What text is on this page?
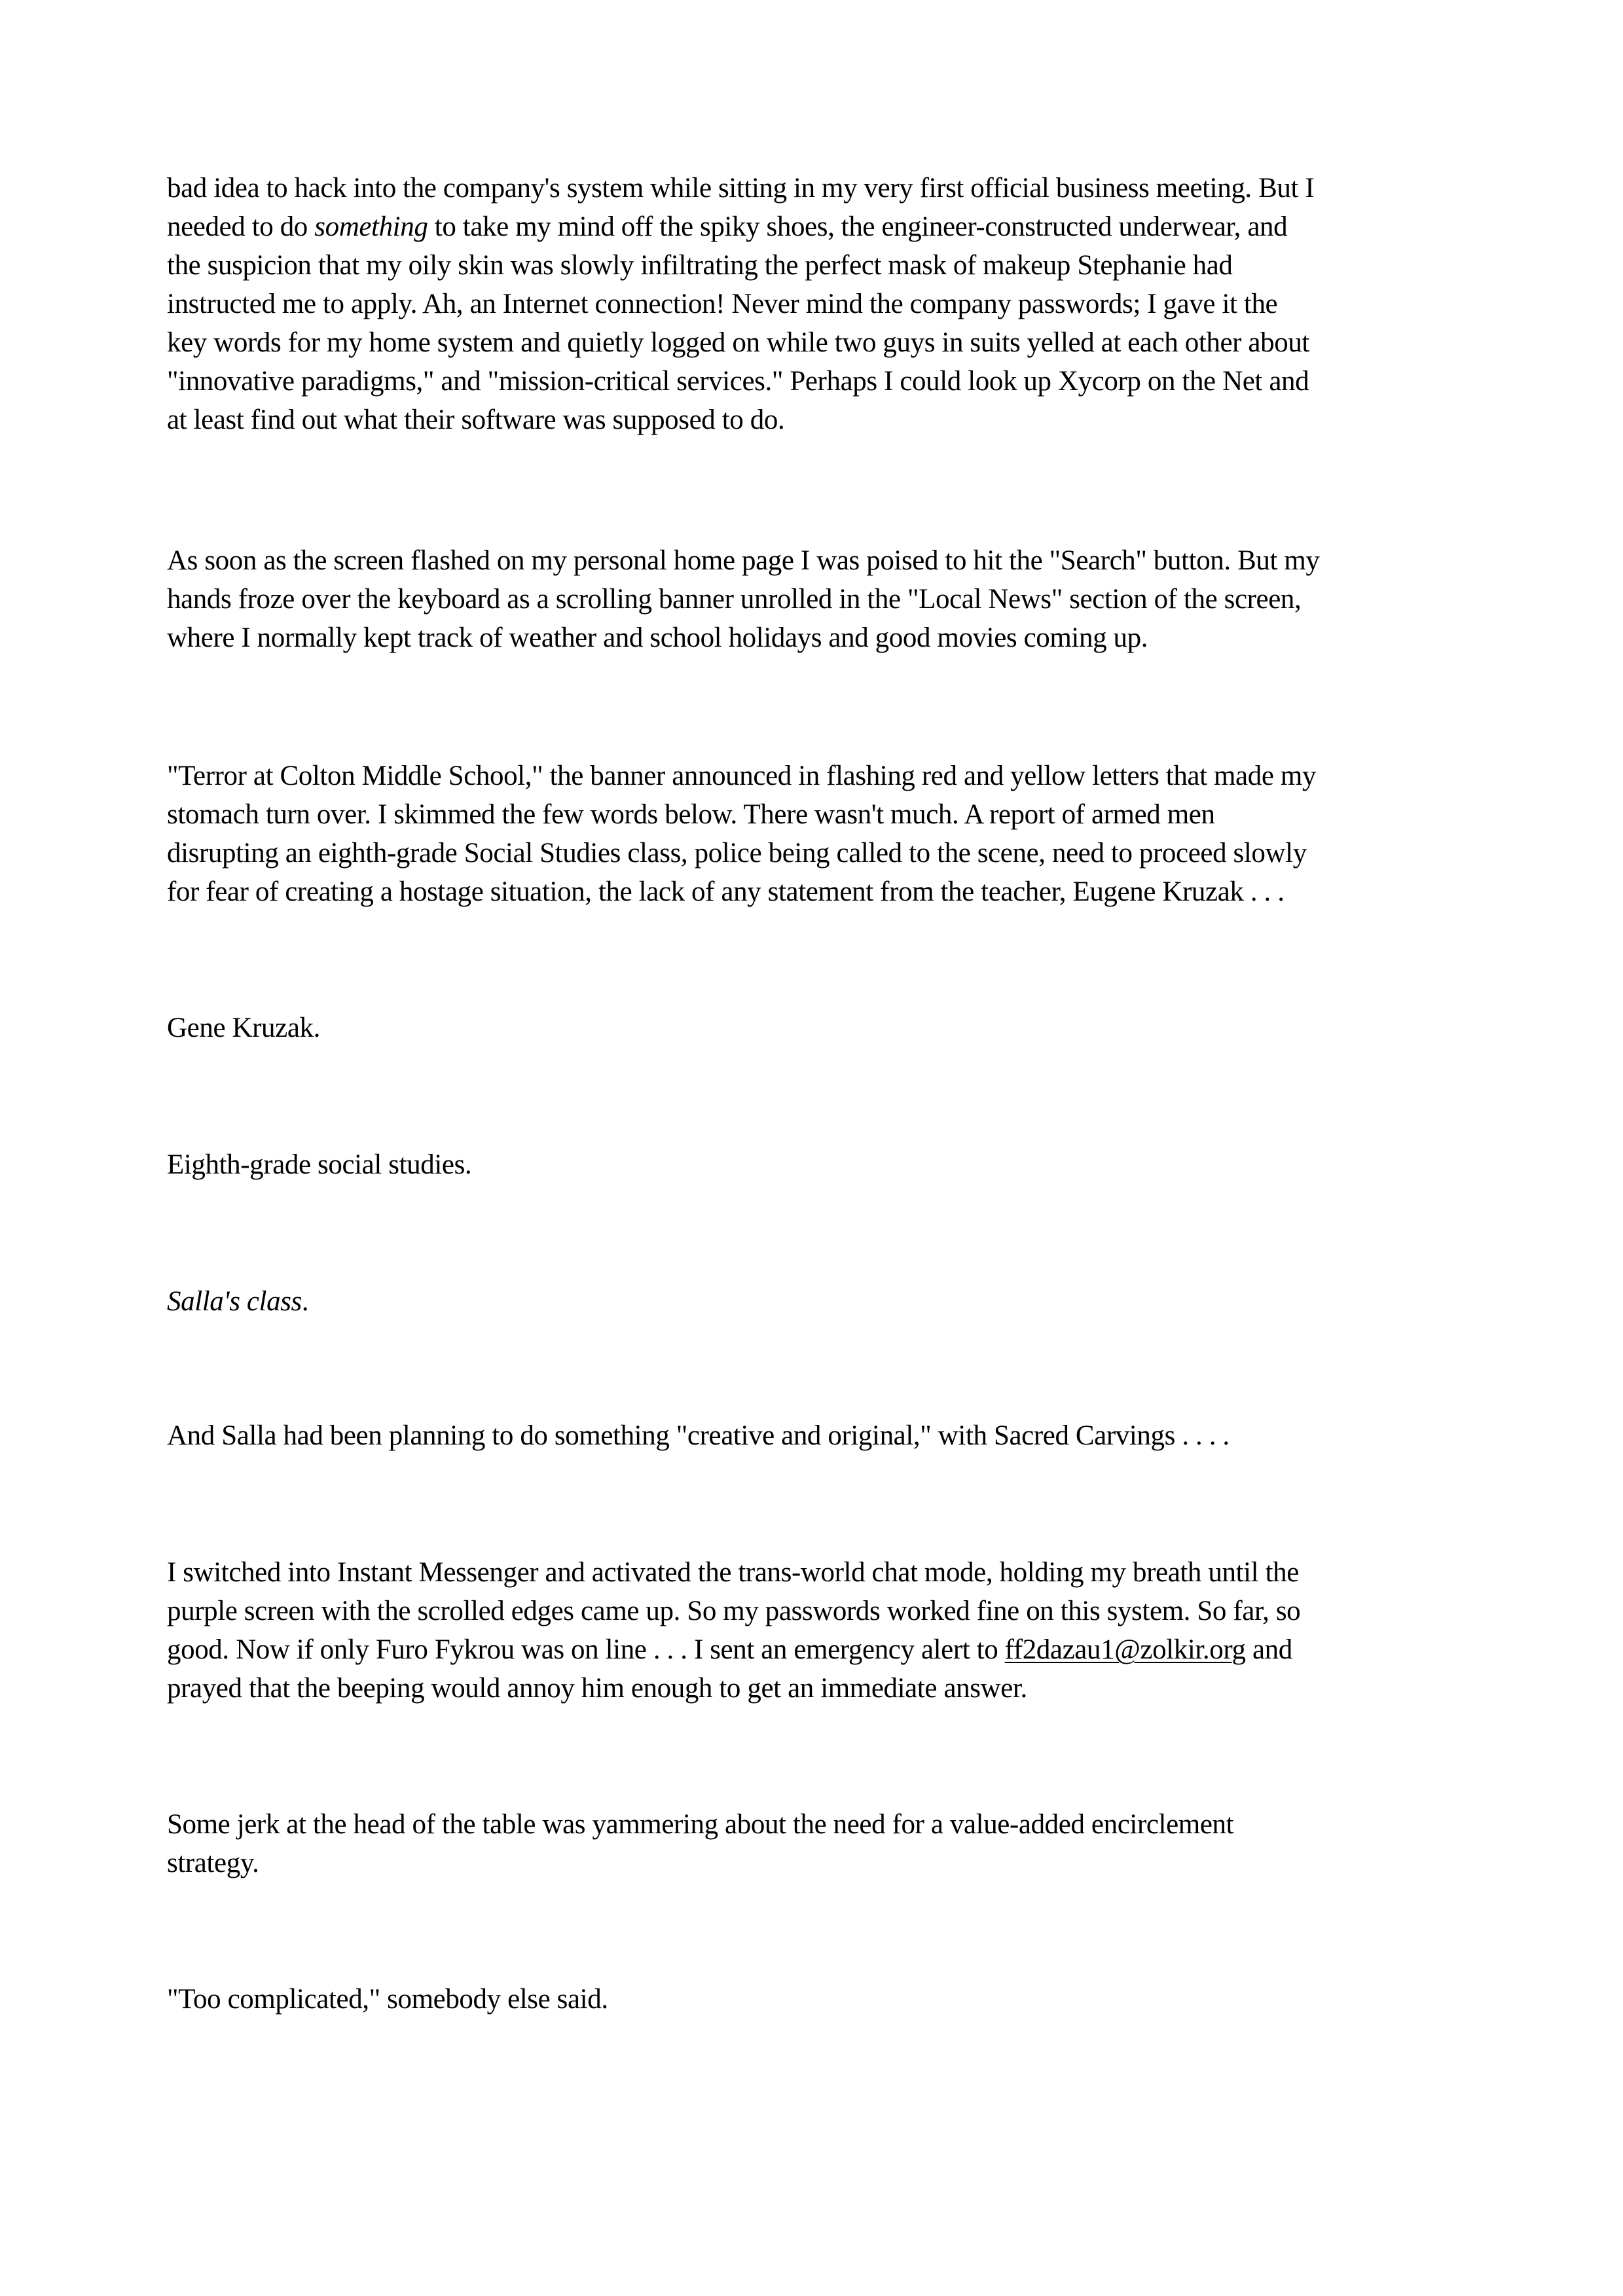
bad idea to hack into the company's system while sitting in my very first official business meeting. But I
needed to do something to take my mind off the spiky shoes, the engineer-constructed underwear, and
the suspicion that my oily skin was slowly infiltrating the perfect mask of makeup Stephanie had
instructed me to apply. Ah, an Internet connection! Never mind the company passwords; I gave it the
key words for my home system and quietly logged on while two guys in suits yelled at each other about
"innovative paradigms," and "mission-critical services." Perhaps I could look up Xycorp on the Net and
at least find out what their software was supposed to do.

As soon as the screen flashed on my personal home page I was poised to hit the "Search" button. But my
hands froze over the keyboard as a scrolling banner unrolled in the "Local News" section of the screen,
where I normally kept track of weather and school holidays and good movies coming up.

"Terror at Colton Middle School," the banner announced in flashing red and yellow letters that made my
stomach turn over. I skimmed the few words below. There wasn't much. A report of armed men
disrupting an eighth-grade Social Studies class, police being called to the scene, need to proceed slowly
for fear of creating a hostage situation, the lack of any statement from the teacher, Eugene Kruzak . . .

Gene Kruzak.

Eighth-grade social studies.

Salla's class.

And Salla had been planning to do something "creative and original," with Sacred Carvings . . . .

I switched into Instant Messenger and activated the trans-world chat mode, holding my breath until the
purple screen with the scrolled edges came up. So my passwords worked fine on this system. So far, so
good. Now if only Furo Fykrou was on line . . . I sent an emergency alert to ff2dazau1@zolkir.org and
prayed that the beeping would annoy him enough to get an immediate answer.

Some jerk at the head of the table was yammering about the need for a value-added encirclement
strategy.

"Too complicated," somebody else said.
